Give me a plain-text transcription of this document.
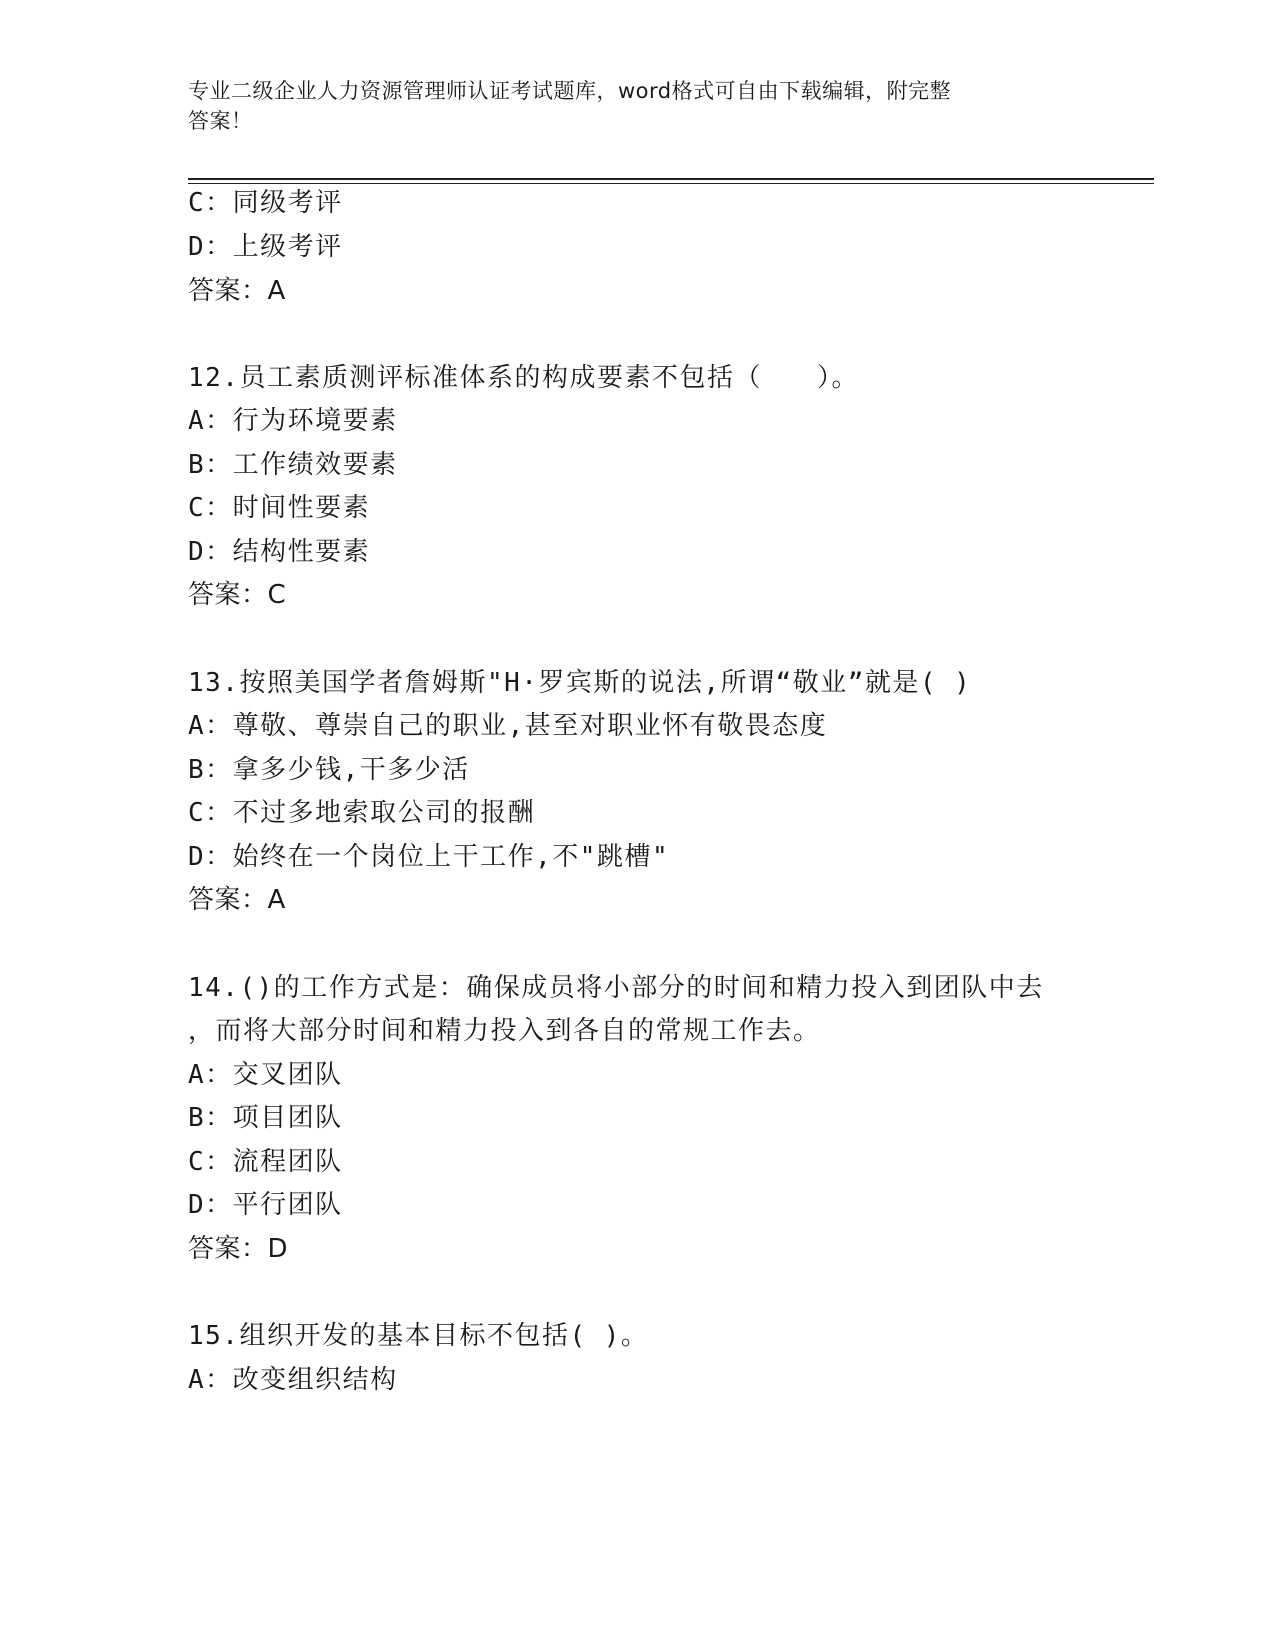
专业二级企业人力资源管理师认证考试题库，word格式可自由下载编辑，附完整
答案！
C：同级考评
D：上级考评
答案：A
12.员工素质测评标准体系的构成要素不包括（　　）。
A：行为环境要素
B：工作绩效要素
C：时间性要素
D：结构性要素
答案：C
13.按照美国学者詹姆斯"H·罗宾斯的说法,所谓“敬业”就是( )
A：尊敬、尊崇自己的职业,甚至对职业怀有敬畏态度
B：拿多少钱,干多少活
C：不过多地索取公司的报酬
D：始终在一个岗位上干工作,不"跳槽"
答案：A
14.()的工作方式是：确保成员将小部分的时间和精力投入到团队中去
，而将大部分时间和精力投入到各自的常规工作去。
A：交叉团队
B：项目团队
C：流程团队
D：平行团队
答案：D
15.组织开发的基本目标不包括( )。
A：改变组织结构
